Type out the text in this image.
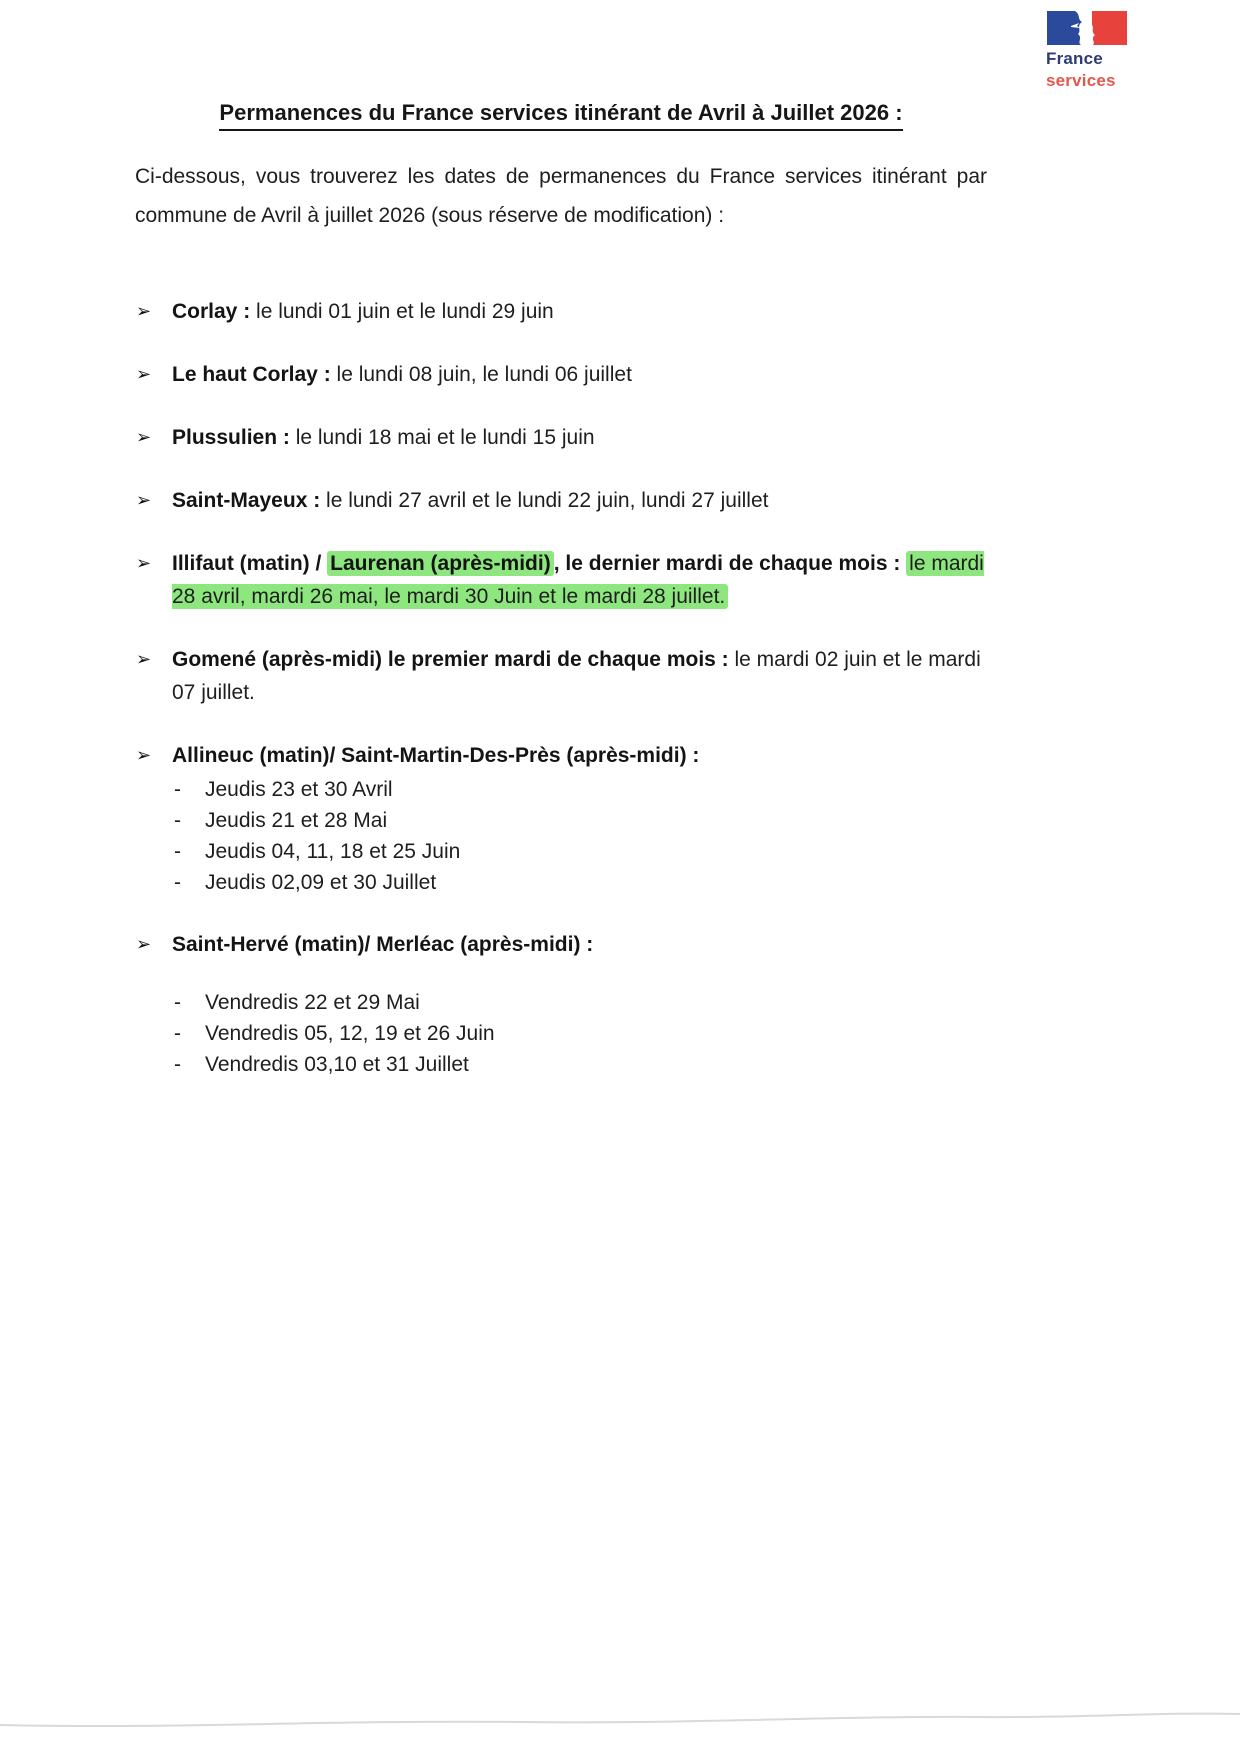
France
services
Permanences du France services itinérant de Avril à Juillet 2026 :

Ci-dessous, vous trouverez les dates de permanences du France services itinérant par commune de Avril à juillet 2026 (sous réserve de modification) :

➢ Corlay : le lundi 01 juin et le lundi 29 juin
➢ Le haut Corlay : le lundi 08 juin, le lundi 06 juillet
➢ Plussulien : le lundi 18 mai et le lundi 15 juin
➢ Saint-Mayeux : le lundi 27 avril et le lundi 22 juin, lundi 27 juillet
➢ Illifaut (matin) / Laurenan (après-midi) , le dernier mardi de chaque mois : le mardi 28 avril, mardi 26 mai, le mardi 30 Juin et le mardi 28 juillet.
➢ Gomené (après-midi) le premier mardi de chaque mois : le mardi 02 juin et le mardi 07 juillet.
➢ Allineuc (matin)/ Saint-Martin-Des-Près (après-midi) :
-	Jeudis 23 et 30 Avril
-	Jeudis 21 et 28 Mai
-	Jeudis 04, 11, 18 et 25 Juin
-	Jeudis 02,09 et 30 Juillet
➢ Saint-Hervé (matin)/ Merléac (après-midi) :
-	Vendredis 22 et 29 Mai
-	Vendredis 05, 12, 19 et 26 Juin
-	Vendredis 03,10 et 31 Juillet
